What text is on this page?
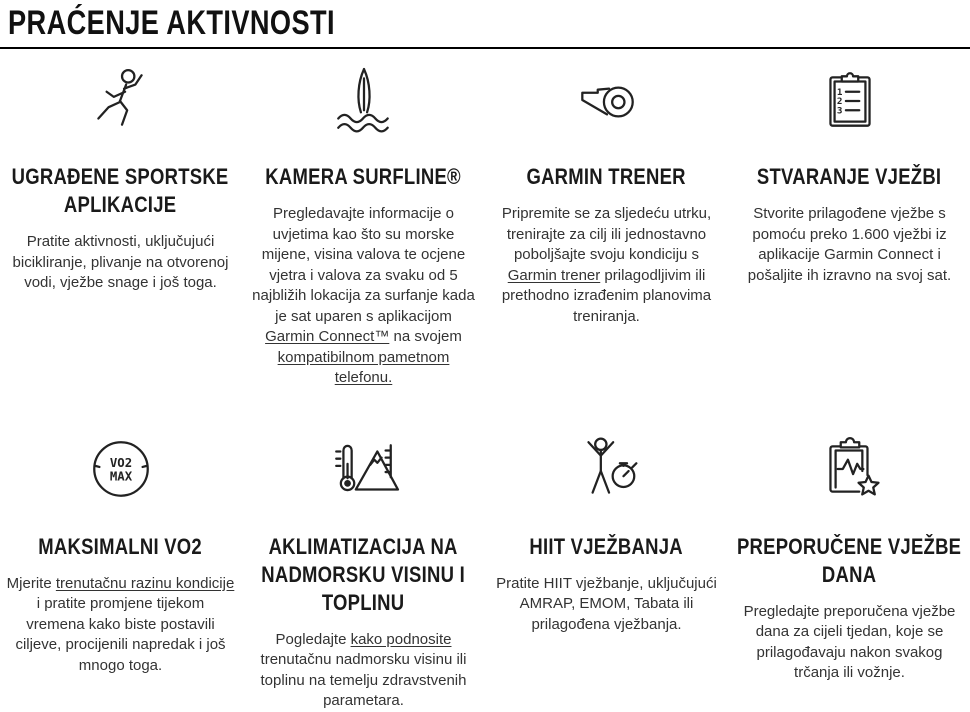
PRAĆENJE AKTIVNOSTI
UGRAĐENE SPORTSKE APLIKACIJE

Pratite aktivnosti, uključujući bicikliranje, plivanje na otvorenoj vodi, vježbe snage i još toga.

KAMERA SURFLINE®

Pregledavajte informacije o uvjetima kao što su morske mijene, visina valova te ocjene vjetra i valova za svaku od 5 najbližih lokacija za surfanje kada je sat uparen s aplikacijom Garmin Connect™ na svojem kompatibilnom pametnom telefonu.

GARMIN TRENER

Pripremite se za sljedeću utrku, trenirajte za cilj ili jednostavno poboljšajte svoju kondiciju s Garmin trener prilagodljivim ili prethodno izrađenim planovima treniranja.

1
2
3
STVARANJE VJEŽBI

Stvorite prilagođene vježbe s pomoću preko 1.600 vježbi iz aplikacije Garmin Connect i pošaljite ih izravno na svoj sat.

VO2
MAX
MAKSIMALNI VO2

Mjerite trenutačnu razinu kondicije i pratite promjene tijekom vremena kako biste postavili ciljeve, procijenili napredak i još mnogo toga.

AKLIMATIZACIJA NA NADMORSKU VISINU I TOPLINU

Pogledajte kako podnosite trenutačnu nadmorsku visinu ili toplinu na temelju zdravstvenih parametara.

HIIT VJEŽBANJA

Pratite HIIT vježbanje, uključujući AMRAP, EMOM, Tabata ili prilagođena vježbanja.

PREPORUČENE VJEŽBE DANA

Pregledajte preporučena vježbe dana za cijeli tjedan, koje se prilagođavaju nakon svakog trčanja ili vožnje.
